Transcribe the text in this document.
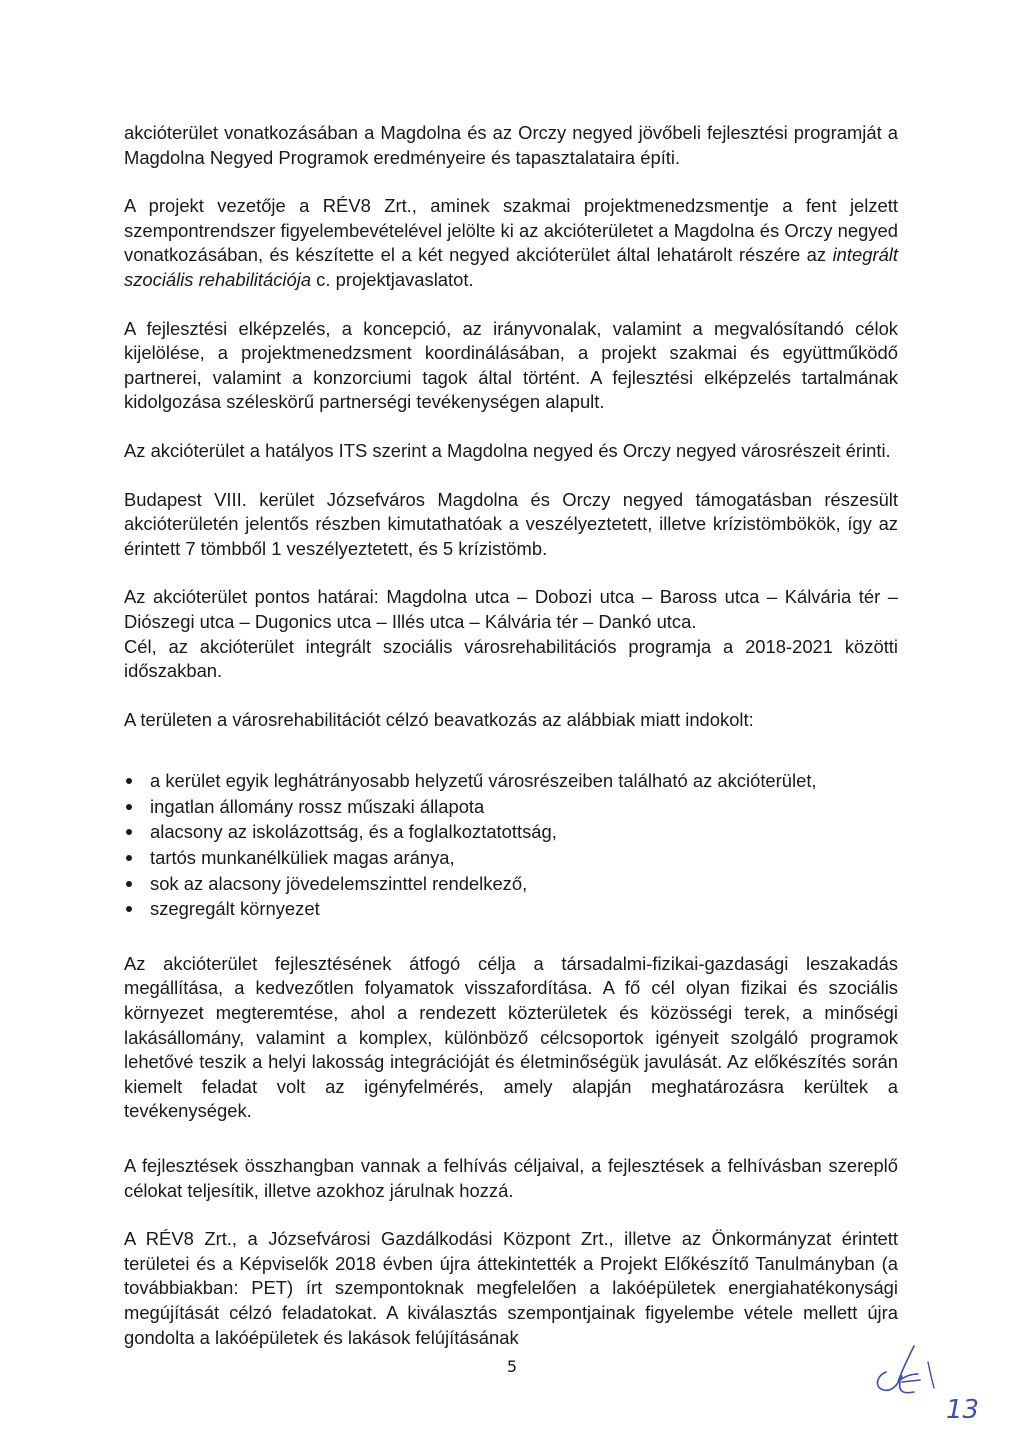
akcióterület vonatkozásában a Magdolna és az Orczy negyed jövőbeli fejlesztési programját a Magdolna Negyed Programok eredményeire és tapasztalataira építi.

A projekt vezetője a RÉV8 Zrt., aminek szakmai projektmenedzsmentje a fent jelzett szempontrendszer figyelembevételével jelölte ki az akcióterületet a Magdolna és Orczy negyed vonatkozásában, és készítette el a két negyed akcióterület által lehatárolt részére az integrált szociális rehabilitációja c. projektjavaslatot.

A fejlesztési elképzelés, a koncepció, az irányvonalak, valamint a megvalósítandó célok kijelölése, a projektmenedzsment koordinálásában, a projekt szakmai és együttműködő partnerei, valamint a konzorciumi tagok által történt. A fejlesztési elképzelés tartalmának kidolgozása széleskörű partnerségi tevékenységen alapult.

Az akcióterület a hatályos ITS szerint a Magdolna negyed és Orczy negyed városrészeit érinti.

Budapest VIII. kerület Józsefváros Magdolna és Orczy negyed támogatásban részesült akcióterületén jelentős részben kimutathatóak a veszélyeztetett, illetve krízistömbökök, így az érintett 7 tömbből 1 veszélyeztetett, és 5 krízistömb.

Az akcióterület pontos határai: Magdolna utca – Dobozi utca – Baross utca – Kálvária tér – Diószegi utca – Dugonics utca – Illés utca – Kálvária tér – Dankó utca.

Cél, az akcióterület integrált szociális városrehabilitációs programja a 2018-2021 közötti időszakban.

A területen a városrehabilitációt célzó beavatkozás az alábbiak miatt indokolt:

a kerület egyik leghátrányosabb helyzetű városrészeiben található az akcióterület,
ingatlan állomány rossz műszaki állapota
alacsony az iskolázottság, és a foglalkoztatottság,
tartós munkanélküliek magas aránya,
sok az alacsony jövedelemszinttel rendelkező,
szegregált környezet

Az akcióterület fejlesztésének átfogó célja a társadalmi-fizikai-gazdasági leszakadás megállítása, a kedvezőtlen folyamatok visszafordítása. A fő cél olyan fizikai és szociális környezet megteremtése, ahol a rendezett közterületek és közösségi terek, a minőségi lakásállomány, valamint a komplex, különböző célcsoportok igényeit szolgáló programok lehetővé teszik a helyi lakosság integrációját és életminőségük javulását. Az előkészítés során kiemelt feladat volt az igényfelmérés, amely alapján meghatározásra kerültek a tevékenységek.

A fejlesztések összhangban vannak a felhívás céljaival, a fejlesztések a felhívásban szereplő célokat teljesítik, illetve azokhoz járulnak hozzá.

A RÉV8 Zrt., a Józsefvárosi Gazdálkodási Központ Zrt., illetve az Önkormányzat érintett területei és a Képviselők 2018 évben újra áttekintették a Projekt Előkészítő Tanulmányban (a továbbiakban: PET) írt szempontoknak megfelelően a lakóépületek energiahatékonysági megújítását célzó feladatokat. A kiválasztás szempontjainak figyelembe vétele mellett újra gondolta a lakóépületek és lakások felújításának

5
13
